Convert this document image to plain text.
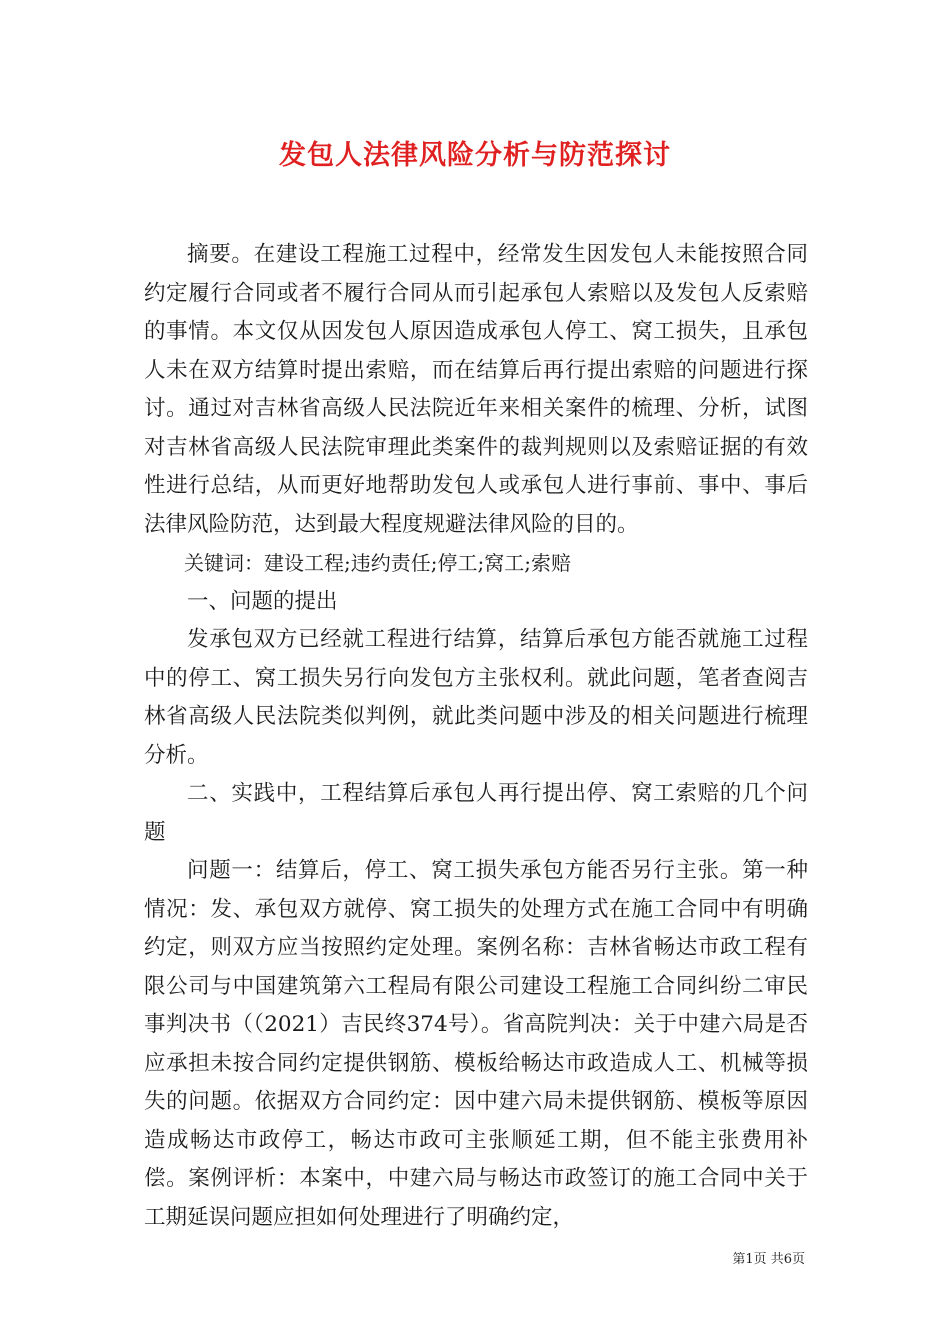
发包人法律风险分析与防范探讨

摘要。在建设工程施工过程中，经常发生因发包人未能按照合同约定履行合同或者不履行合同从而引起承包人索赔以及发包人反索赔的事情。本文仅从因发包人原因造成承包人停工、窝工损失，且承包人未在双方结算时提出索赔，而在结算后再行提出索赔的问题进行探讨。通过对吉林省高级人民法院近年来相关案件的梳理、分析，试图对吉林省高级人民法院审理此类案件的裁判规则以及索赔证据的有效性进行总结，从而更好地帮助发包人或承包人进行事前、事中、事后法律风险防范，达到最大程度规避法律风险的目的。

关键词：建设工程;违约责任;停工;窝工;索赔

一、问题的提出

发承包双方已经就工程进行结算，结算后承包方能否就施工过程中的停工、窝工损失另行向发包方主张权利。就此问题，笔者查阅吉林省高级人民法院类似判例，就此类问题中涉及的相关问题进行梳理分析。

二、实践中，工程结算后承包人再行提出停、窝工索赔的几个问题

问题一：结算后，停工、窝工损失承包方能否另行主张。第一种情况：发、承包双方就停、窝工损失的处理方式在施工合同中有明确约定，则双方应当按照约定处理。案例名称：吉林省畅达市政工程有限公司与中国建筑第六工程局有限公司建设工程施工合同纠纷二审民事判决书（（2021）吉民终374号）。省高院判决：关于中建六局是否应承担未按合同约定提供钢筋、模板给畅达市政造成人工、机械等损失的问题。依据双方合同约定：因中建六局未提供钢筋、模板等原因造成畅达市政停工，畅达市政可主张顺延工期，但不能主张费用补偿。案例评析：本案中，中建六局与畅达市政签订的施工合同中关于工期延误问题应担如何处理进行了明确约定，

第1页 共6页
